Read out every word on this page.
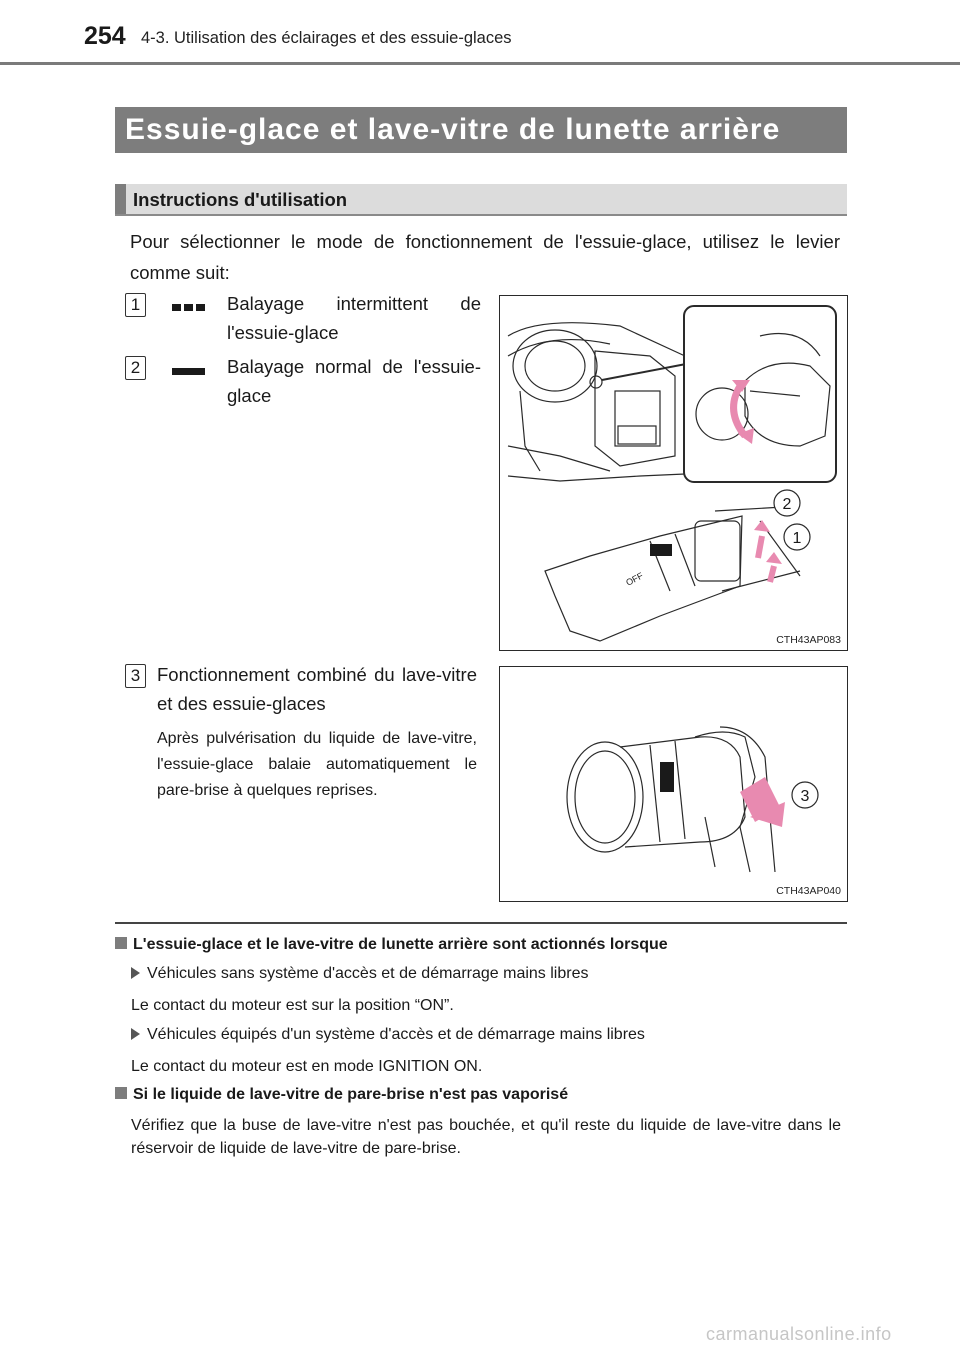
254 4-3. Utilisation des éclairages et des essuie-glaces
Essuie-glace et lave-vitre de lunette arrière
Instructions d'utilisation
Pour sélectionner le mode de fonctionnement de l'essuie-glace, utilisez le levier comme suit:
1	Balayage intermittent de l'essuie-glace
2	Balayage normal de l'essuie-glace
OFF
2
1
CTH43AP083
3 Fonctionnement combiné du lave-vitre et des essuie-glaces
Après pulvérisation du liquide de lave-vitre, l'essuie-glace balaie automatiquement le pare-brise à quelques reprises.	3
CTH43AP040
L'essuie-glace et le lave-vitre de lunette arrière sont actionnés lorsque
Véhicules sans système d'accès et de démarrage mains libres
Le contact du moteur est sur la position “ON”.
Véhicules équipés d'un système d'accès et de démarrage mains libres
Le contact du moteur est en mode IGNITION ON.
Si le liquide de lave-vitre de pare-brise n'est pas vaporisé
Vérifiez que la buse de lave-vitre n'est pas bouchée, et qu'il reste du liquide de lave-vitre dans le réservoir de liquide de lave-vitre de pare-brise.
carmanualsonline.info
